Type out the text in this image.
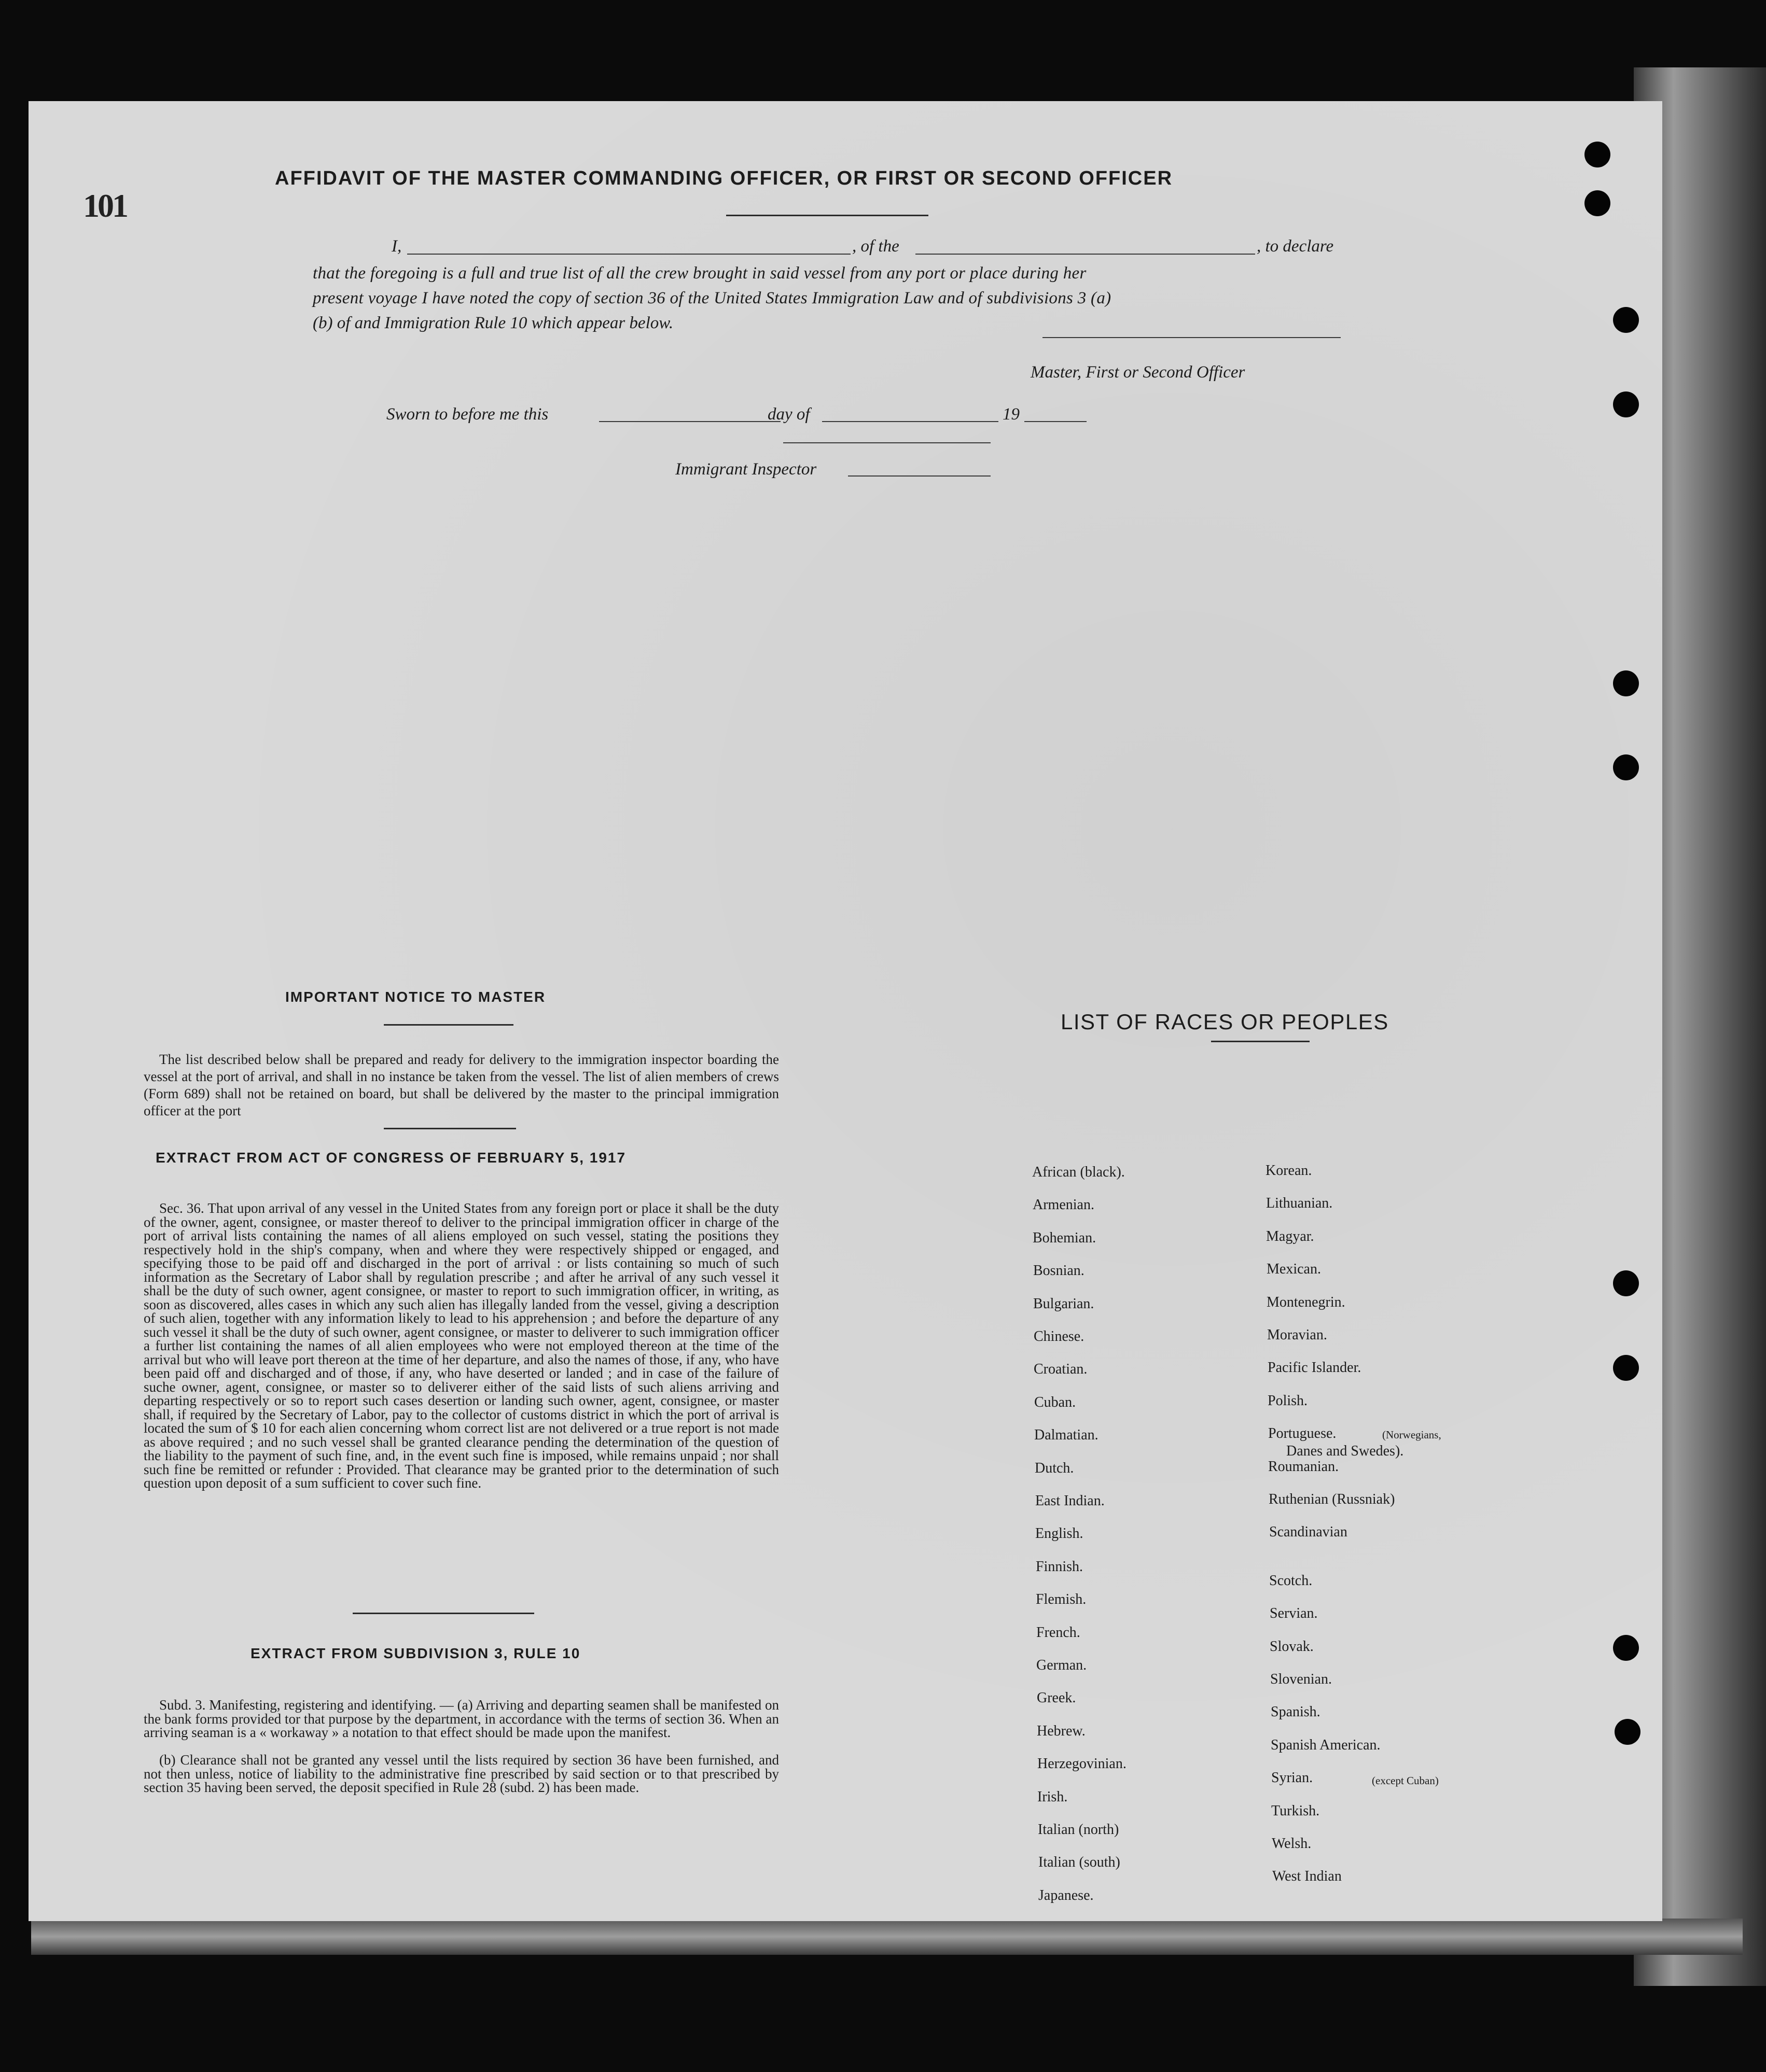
101
AFFIDAVIT OF THE MASTER COMMANDING OFFICER, OR FIRST OR SECOND OFFICER
I,	, of the	, to declare
that the foregoing is a full and true list of all the crew brought in said vessel from any port or place during her
present voyage I have noted the copy of section 36 of the United States Immigration Law and of subdivisions 3 (a)
(b) of and Immigration Rule 10 which appear below.
Master, First or Second Officer
Sworn to before me this	day of	19
Immigrant Inspector
IMPORTANT NOTICE TO MASTER
The list described below shall be prepared and ready for delivery to the immigration inspector boarding the vessel at the port of arrival, and shall in no instance be taken from the vessel. The list of alien members of crews (Form 689) shall not be retained on board, but shall be delivered by the master to the principal immigration officer at the port
EXTRACT FROM ACT OF CONGRESS OF FEBRUARY 5, 1917
Sec. 36. That upon arrival of any vessel in the United States from any foreign port or place it shall be the duty of the owner, agent, consignee, or master thereof to deliver to the principal immigration officer in charge of the port of arrival lists containing the names of all aliens employed on such vessel, stating the positions they respectively hold in the ship's company, when and where they were respectively shipped or engaged, and specifying those to be paid off and discharged in the port of arrival : or lists containing so much of such information as the Secretary of Labor shall by regulation prescribe ; and after he arrival of any such vessel it shall be the duty of such owner, agent consignee, or master to report to such immigration officer, in writing, as soon as discovered, alles cases in which any such alien has illegally landed from the vessel, giving a description of such alien, together with any information likely to lead to his apprehension ; and before the departure of any such vessel it shall be the duty of such owner, agent consignee, or master to deliverer to such immigration officer a further list containing the names of all alien employees who were not employed thereon at the time of the arrival but who will leave port thereon at the time of her departure, and also the names of those, if any, who have been paid off and discharged and of those, if any, who have deserted or landed ; and in case of the failure of suche owner, agent, consignee, or master so to deliverer either of the said lists of such aliens arriving and departing respectively or so to report such cases desertion or landing such owner, agent, consignee, or master shall, if required by the Secretary of Labor, pay to the collector of customs district in which the port of arrival is located the sum of $ 10 for each alien concerning whom correct list are not delivered or a true report is not made as above required ; and no such vessel shall be granted clearance pending the determination of the question of the liability to the payment of such fine, and, in the event such fine is imposed, while remains unpaid ; nor shall such fine be remitted or refunder : Provided. That clearance may be granted prior to the determination of such question upon deposit of a sum sufficient to cover such fine.
EXTRACT FROM SUBDIVISION 3, RULE 10
Subd. 3. Manifesting, registering and identifying. — (a) Arriving and departing seamen shall be manifested on the bank forms provided tor that purpose by the department, in accordance with the terms of section 36. When an arriving seaman is a « workaway » a notation to that effect should be made upon the manifest.
(b) Clearance shall not be granted any vessel until the lists required by section 36 have been furnished, and not then unless, notice of liability to the administrative fine prescribed by said section or to that prescribed by section 35 having been served, the deposit specified in Rule 28 (subd. 2) has been made.
LIST OF RACES OR PEOPLES
African (black).
Armenian.
Bohemian.
Bosnian.
Bulgarian.
Chinese.
Croatian.
Cuban.
Dalmatian.
Dutch.
East Indian.
English.
Finnish.
Flemish.
French.
German.
Greek.
Hebrew.
Herzegovinian.
Irish.
Italian (north)
Italian (south)
Japanese.
Korean.
Lithuanian.
Magyar.
Mexican.
Montenegrin.
Moravian.
Pacific Islander.
Polish.
Portuguese.
Roumanian.
Ruthenian (Russniak)
Scandinavian
Scotch.
Servian.
Slovak.
Slovenian.
Spanish.
Spanish American.
Syrian.
Turkish.
Welsh.
West Indian
(Norwegians,
Danes and Swedes).
(except Cuban)
